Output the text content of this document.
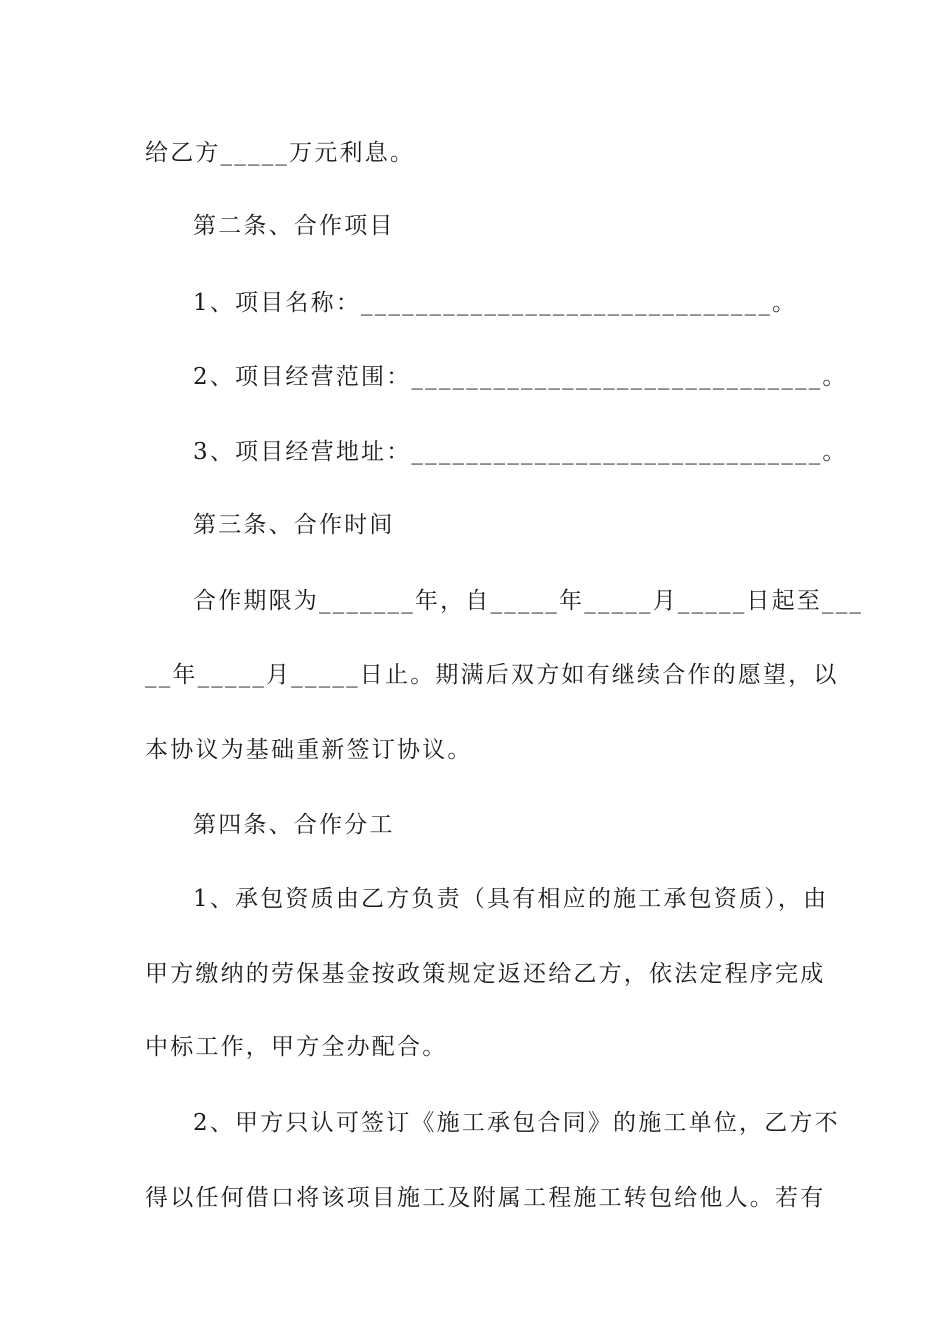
给乙方_____万元利息。
第二条、合作项目
1、项目名称：______________________________。
2、项目经营范围：______________________________。
3、项目经营地址：______________________________。
第三条、合作时间
合作期限为_______年，自_____年_____月_____日起至___
__年_____月_____日止。期满后双方如有继续合作的愿望，以
本协议为基础重新签订协议。
第四条、合作分工
1、承包资质由乙方负责（具有相应的施工承包资质），由
甲方缴纳的劳保基金按政策规定返还给乙方，依法定程序完成
中标工作，甲方全办配合。
2、甲方只认可签订《施工承包合同》的施工单位，乙方不
得以任何借口将该项目施工及附属工程施工转包给他人。若有
